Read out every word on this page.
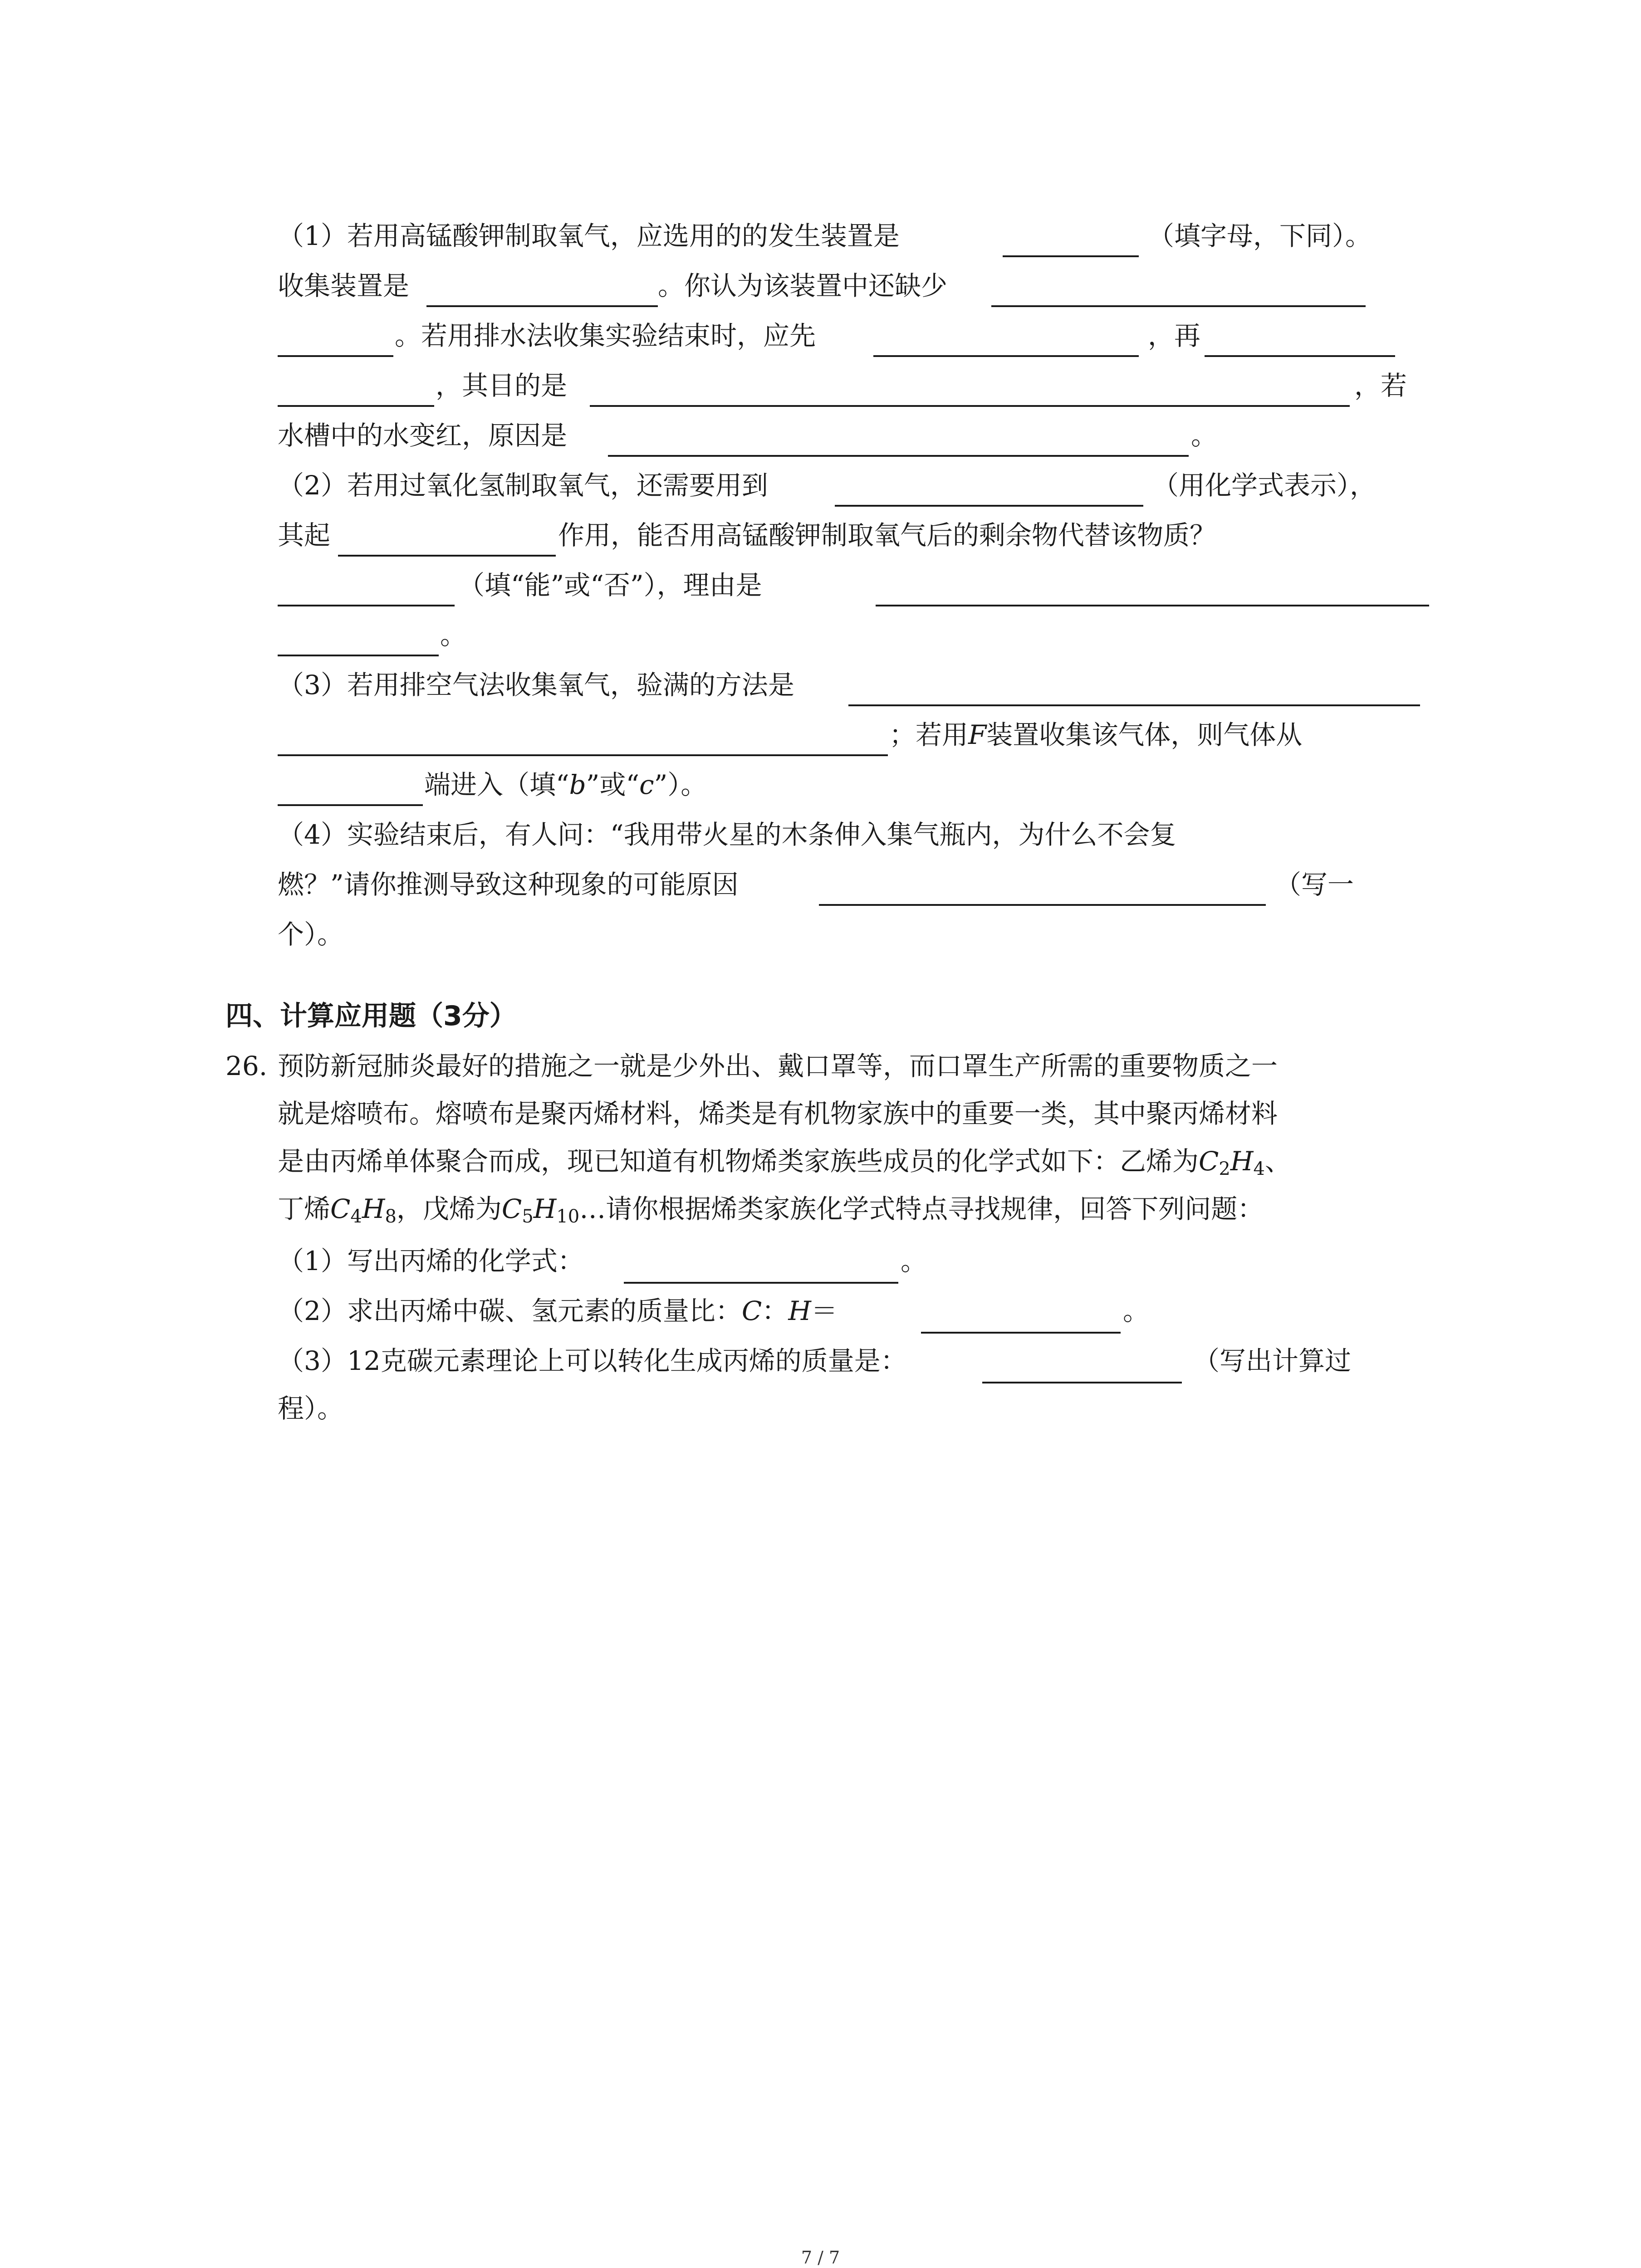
（1）若用高锰酸钾制取氧气，应选用的的发生装置是	（填字母，下同）。
收集装置是	。你认为该装置中还缺少
。若用排水法收集实验结束时，应先	，再
，其目的是	，若
水槽中的水变红，原因是	。
（2）若用过氧化氢制取氧气，还需要用到	（用化学式表示），
其起	作用，能否用高锰酸钾制取氧气后的剩余物代替该物质？
（填“能”或“否”），理由是
。
（3）若用排空气法收集氧气，验满的方法是
；若用F装置收集该气体，则气体从
端进入（填“b”或“c”）。
（4）实验结束后，有人问：“我用带火星的木条伸入集气瓶内，为什么不会复
燃？”请你推测导致这种现象的可能原因	（写一
个）。
四、计算应用题（3分）
26. 预防新冠肺炎最好的措施之一就是少外出、戴口罩等，而口罩生产所需的重要物质之一
就是熔喷布。熔喷布是聚丙烯材料，烯类是有机物家族中的重要一类，其中聚丙烯材料
是由丙烯单体聚合而成，现已知道有机物烯类家族些成员的化学式如下：乙烯为$C_2H_4$、
丁烯$C_4H_8$，戊烯为$C_5H_{10}\dots$请你根据烯类家族化学式特点寻找规律，回答下列问题：
（1）写出丙烯的化学式：	。
（2）求出丙烯中碳、氢元素的质量比：C：H＝	。
（3）12克碳元素理论上可以转化生成丙烯的质量是：	（写出计算过
程）。
7 / 7
